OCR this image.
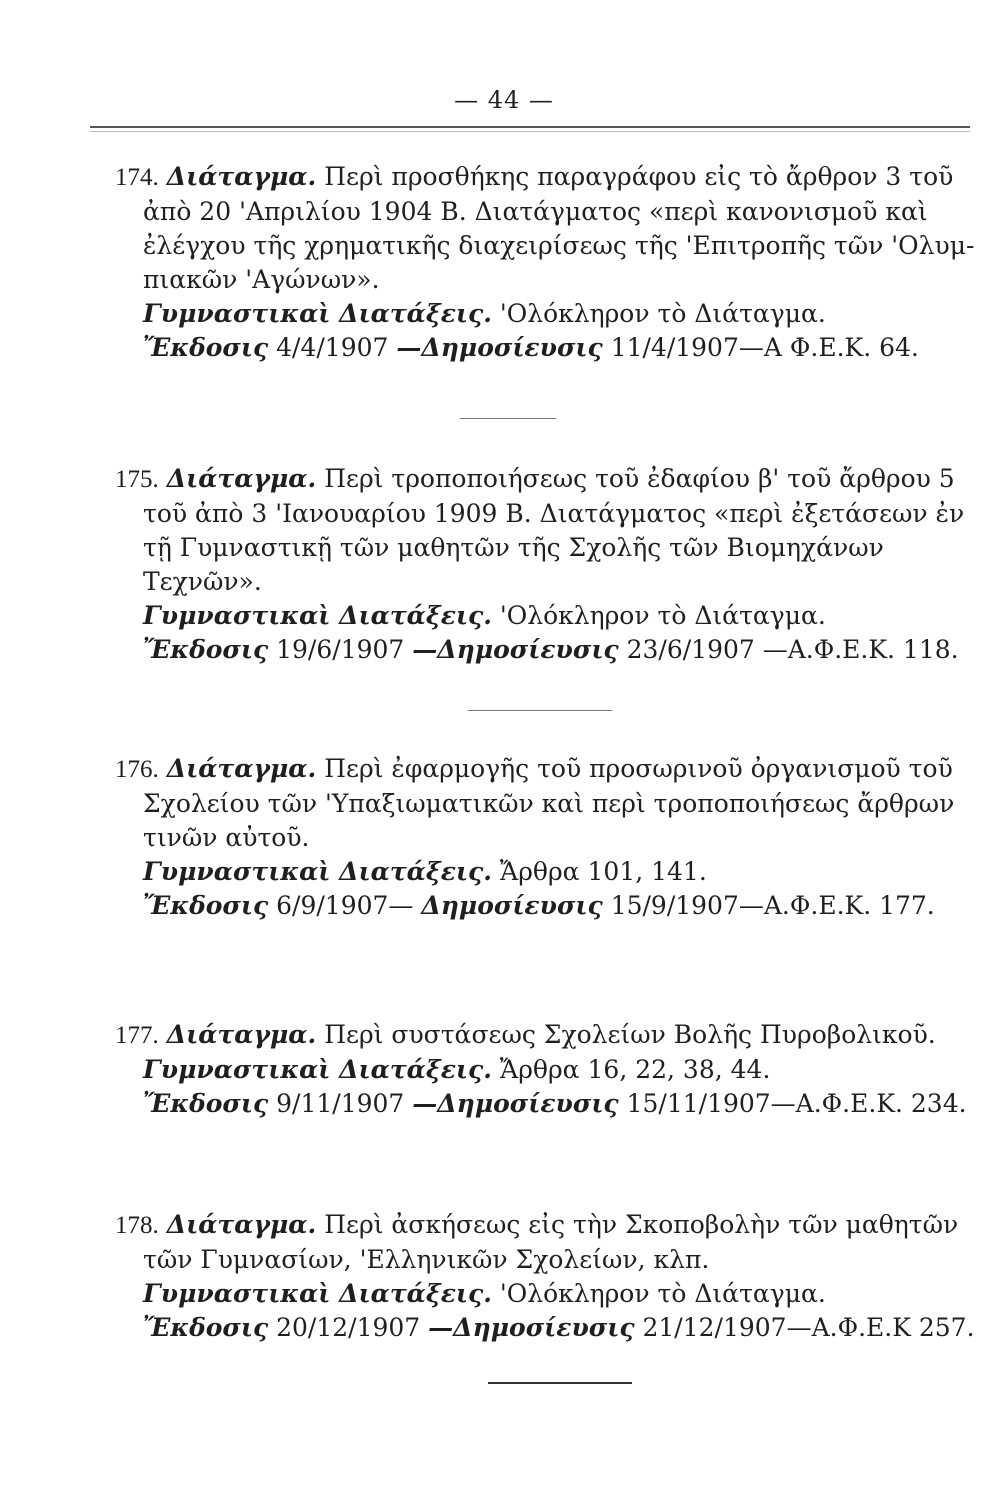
— 44 —

174. Διάταγμα. Περὶ προσθήκης παραγράφου εἰς τὸ ἄρθρον 3 τοῦ

ἀπὸ 20 'Απριλίου 1904 Β. Διατάγματος «περὶ κανονισμοῦ καὶ

ἐλέγχου τῆς χρηματικῆς διαχειρίσεως τῆς 'Επιτροπῆς τῶν 'Ολυμ-

πιακῶν 'Αγώνων».

Γυμναστικαὶ Διατάξεις. 'Ολόκληρον τὸ Διάταγμα.

Ἔκδοσις 4/4/1907 —Δημοσίευσις 11/4/1907—Α Φ.Ε.Κ. 64.

175. Διάταγμα. Περὶ τροποποιήσεως τοῦ ἐδαφίου β' τοῦ ἄρθρου 5

τοῦ ἀπὸ 3 'Ιανουαρίου 1909 Β. Διατάγματος «περὶ ἐξετάσεων ἐν

τῇ Γυμναστικῇ τῶν μαθητῶν τῆς Σχολῆς τῶν Βιομηχάνων

Τεχνῶν».

Γυμναστικαὶ Διατάξεις. 'Ολόκληρον τὸ Διάταγμα.

Ἔκδοσις 19/6/1907 —Δημοσίευσις 23/6/1907 —Α.Φ.Ε.Κ. 118.

176. Διάταγμα. Περὶ ἐφαρμογῆς τοῦ προσωρινοῦ ὀργανισμοῦ τοῦ

Σχολείου τῶν 'Υπαξιωματικῶν καὶ περὶ τροποποιήσεως ἄρθρων

τινῶν αὐτοῦ.

Γυμναστικαὶ Διατάξεις. Ἄρθρα 101, 141.

Ἔκδοσις 6/9/1907— Δημοσίευσις 15/9/1907—Α.Φ.Ε.Κ. 177.

177. Διάταγμα. Περὶ συστάσεως Σχολείων Βολῆς Πυροβολικοῦ.

Γυμναστικαὶ Διατάξεις. Ἄρθρα 16, 22, 38, 44.

Ἔκδοσις 9/11/1907 —Δημοσίευσις 15/11/1907—Α.Φ.Ε.Κ. 234.

178. Διάταγμα. Περὶ ἀσκήσεως εἰς τὴν Σκοποβολὴν τῶν μαθητῶν

τῶν Γυμνασίων, 'Ελληνικῶν Σχολείων, κλπ.

Γυμναστικαὶ Διατάξεις. 'Ολόκληρον τὸ Διάταγμα.

Ἔκδοσις 20/12/1907 —Δημοσίευσις 21/12/1907—Α.Φ.Ε.Κ 257.
